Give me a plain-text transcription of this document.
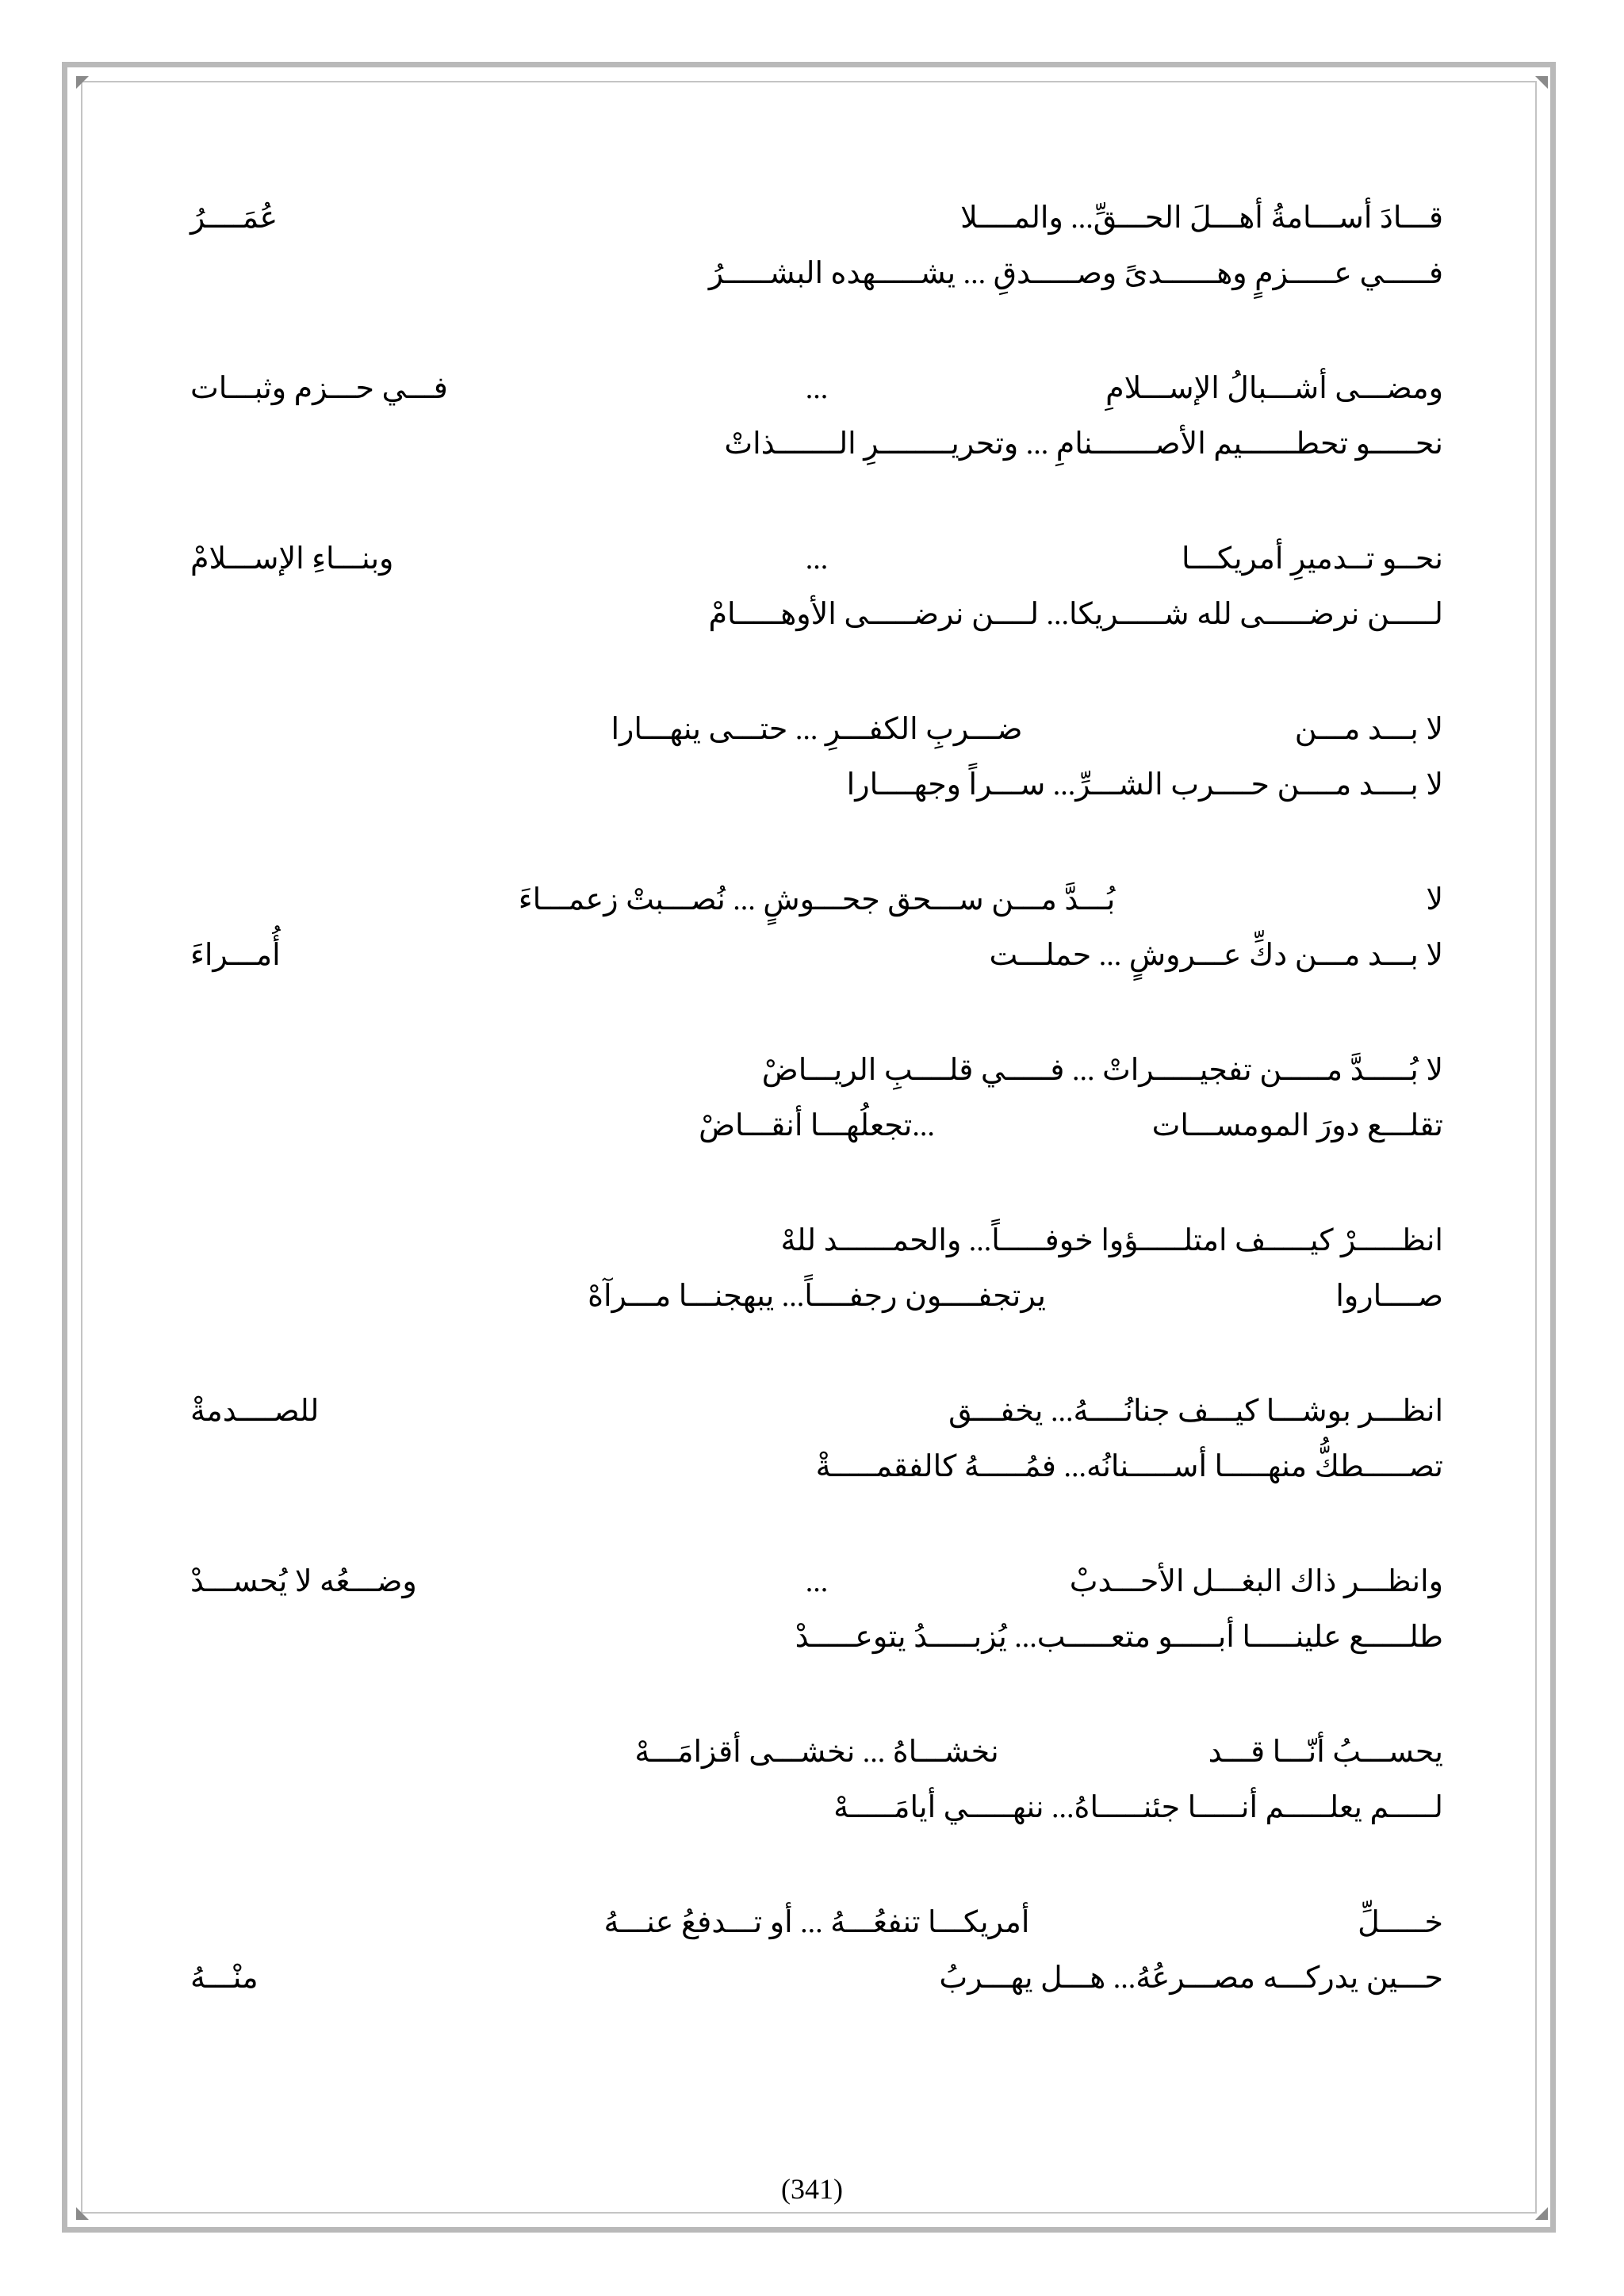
قـــادَ أســـامةُ أهـــلَ الحـــقِّ... والمــــلا
عُمَــــرُ
فـــــي عـــــزمٍ وهــــــدىً وصـــــدقِ ... يشـــــهده البشـــــرُ
ومضـــى أشـــبالُ الإســـلامِ
...
فـــي حـــزم وثبـــات
نحـــــو تحطــــــيم الأصـــــــنامِ ... وتحريــــــــرِ الـــــــذاتْ
نحــو تــدميرِ أمريكـــا
...
وبنـــاءِ الإســـلامْ
لـــــن نرضـــــى لله شـــــريكا... لــــن نرضـــــى الأوهـــــامْ
لا بـــد مـــن
ضـــربِ الكفـــرِ ... حتـــى ينهـــارا
لا بــــد مــــن حــــرب الشـــرِّ... ســـراً وجهــــارا
لا
بُـــدَّ مـــن ســـحق جحـــوشٍ ... نُصـــبتْ زعمـــاءَ
لا بـــد مـــن دكِّ عـــروشٍ ... حملـــت
أُمـــراءَ
لا بُـــــدَّ مـــــن تفجيـــــراتْ ... فـــــي قلــــبِ الريـــاضْ
تقلـــع دورَ المومســـات
...تجعلُهـــا أنقـــاضْ
انظـــــرْ كيـــــف امتلـــــؤوا خوفـــــاً... والحمــــــد للهْ
صــــاروا
يرتجفــــون رجفــــاً... يبهجنـــا مـــرآهْ
انظـــر بوشـــا كيـــف جنانُــــهُ... يخفـــق
للصــــدمةْ
تصـــــطكُّ منهـــــا أســـــنانُه... فمُـــــهُ كالفقمـــــةْ
وانظـــر ذاك البغـــل الأحـــدبْ
...
وضـــعُه لا يُحســـدْ
طلـــــع علينـــــا أبـــــو متعـــــب... يُزبـــــدُ يتوعـــــدْ
يحســـبُ أنّـــا قـــد
نخشـــاهُ ... نخشـــى أقزامَـــهْ
لـــــم يعلـــــم أنـــــا جئنـــــاهُ... ننهـــــي أيامَـــــهْ
خـــــلِّ
أمريكـــا تنفعُـــهُ ... أو تـــدفعُ عنـــهُ
حـــين يدركـــه مصـــرعُهُ... هـــل يهـــربُ
منْـــهُ
(341)
